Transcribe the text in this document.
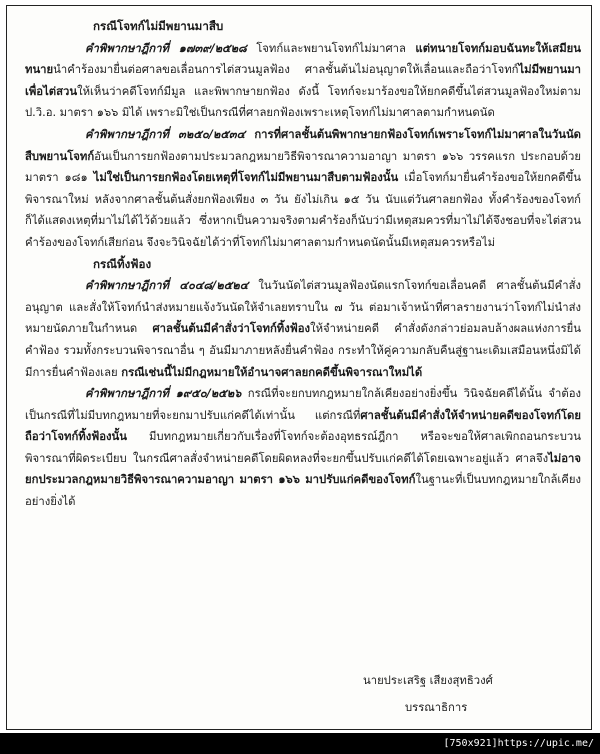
กรณีโจทก์ไม่มีพยานมาสืบ

คำพิพากษาฎีกาที่ ๑๗๓๙/๒๕๒๘ โจทก์และพยานโจทก์ไม่มาศาล แต่ทนายโจทก์มอบฉันทะให้เสมียนทนายนำคำร้องมายื่นต่อศาลขอเลื่อนการไต่สวนมูลฟ้อง ศาลชั้นต้นไม่อนุญาตให้เลื่อนและถือว่าโจทก์ไม่มีพยานมาเพื่อไต่สวนให้เห็นว่าคดีโจทก์มีมูล และพิพากษายกฟ้อง ดังนี้ โจทก์จะมาร้องขอให้ยกคดีขึ้นไต่สวนมูลฟ้องใหม่ตาม ป.วิ.อ. มาตรา ๑๖๖ มิได้ เพราะมิใช่เป็นกรณีที่ศาลยกฟ้องเพราะเหตุโจทก์ไม่มาศาลตามกำหนดนัด

คำพิพากษาฎีกาที่ ๓๒๕๐/๒๕๓๔ การที่ศาลชั้นต้นพิพากษายกฟ้องโจทก์เพราะโจทก์ไม่มาศาลในวันนัดสืบพยานโจทก์อันเป็นการยกฟ้องตามประมวลกฎหมายวิธีพิจารณาความอาญา มาตรา ๑๖๖ วรรคแรก ประกอบด้วยมาตรา ๑๘๑ ไม่ใช่เป็นการยกฟ้องโดยเหตุที่โจทก์ไม่มีพยานมาสืบตามฟ้องนั้น เมื่อโจทก์มายื่นคำร้องขอให้ยกคดีขึ้นพิจารณาใหม่ หลังจากศาลชั้นต้นสั่งยกฟ้องเพียง ๓ วัน ยังไม่เกิน ๑๕ วัน นับแต่วันศาลยกฟ้อง ทั้งคำร้องของโจทก์ก็ได้แสดงเหตุที่มาไม่ได้ไว้ด้วยแล้ว ซึ่งหากเป็นความจริงตามคำร้องก็นับว่ามีเหตุสมควรที่มาไม่ได้จึงชอบที่จะไต่สวนคำร้องของโจทก์เสียก่อน จึงจะวินิจฉัยได้ว่าที่โจทก์ไม่มาศาลตามกำหนดนัดนั้นมีเหตุสมควรหรือไม่

กรณีทิ้งฟ้อง

คำพิพากษาฎีกาที่ ๔๐๔๘/๒๕๒๔ ในวันนัดไต่สวนมูลฟ้องนัดแรกโจทก์ขอเลื่อนคดี ศาลชั้นต้นมีคำสั่งอนุญาต และสั่งให้โจทก์นำส่งหมายแจ้งวันนัดให้จำเลยทราบใน ๗ วัน ต่อมาเจ้าหน้าที่ศาลรายงานว่าโจทก์ไม่นำส่งหมายนัดภายในกำหนด ศาลชั้นต้นมีคำสั่งว่าโจทก์ทิ้งฟ้องให้จำหน่ายคดี คำสั่งดังกล่าวย่อมลบล้างผลแห่งการยื่นคำฟ้อง รวมทั้งกระบวนพิจารณาอื่น ๆ อันมีมาภายหลังยื่นคำฟ้อง กระทำให้คู่ความกลับคืนสู่ฐานะเดิมเสมือนหนึ่งมิได้มีการยื่นคำฟ้องเลย กรณีเช่นนี้ไม่มีกฎหมายให้อำนาจศาลยกคดีขึ้นพิจารณาใหม่ได้

คำพิพากษาฎีกาที่ ๑๙๕๐/๒๕๒๖ กรณีที่จะยกบทกฎหมายใกล้เคียงอย่างยิ่งขึ้น วินิจฉัยคดีได้นั้น จำต้องเป็นกรณีที่ไม่มีบทกฎหมายที่จะยกมาปรับแก่คดีได้เท่านั้น แต่กรณีที่ศาลชั้นต้นมีคำสั่งให้จำหน่ายคดีของโจทก์โดยถือว่าโจทก์ทิ้งฟ้องนั้น มีบทกฎหมายเกี่ยวกับเรื่องที่โจทก์จะต้องอุทธรณ์ฎีกา หรือจะขอให้ศาลเพิกถอนกระบวนพิจารณาที่ผิดระเบียบ ในกรณีศาลสั่งจำหน่ายคดีโดยผิดหลงที่จะยกขึ้นปรับแก่คดีได้โดยเฉพาะอยู่แล้ว ศาลจึงไม่อาจยกประมวลกฎหมายวิธีพิจารณาความอาญา มาตรา ๑๖๖ มาปรับแก่คดีของโจทก์ในฐานะที่เป็นบทกฎหมายใกล้เคียงอย่างยิ่งได้

นายประเสริฐ เสียงสุทธิวงศ์
บรรณาธิการ
[750x921]https://upic.me/
